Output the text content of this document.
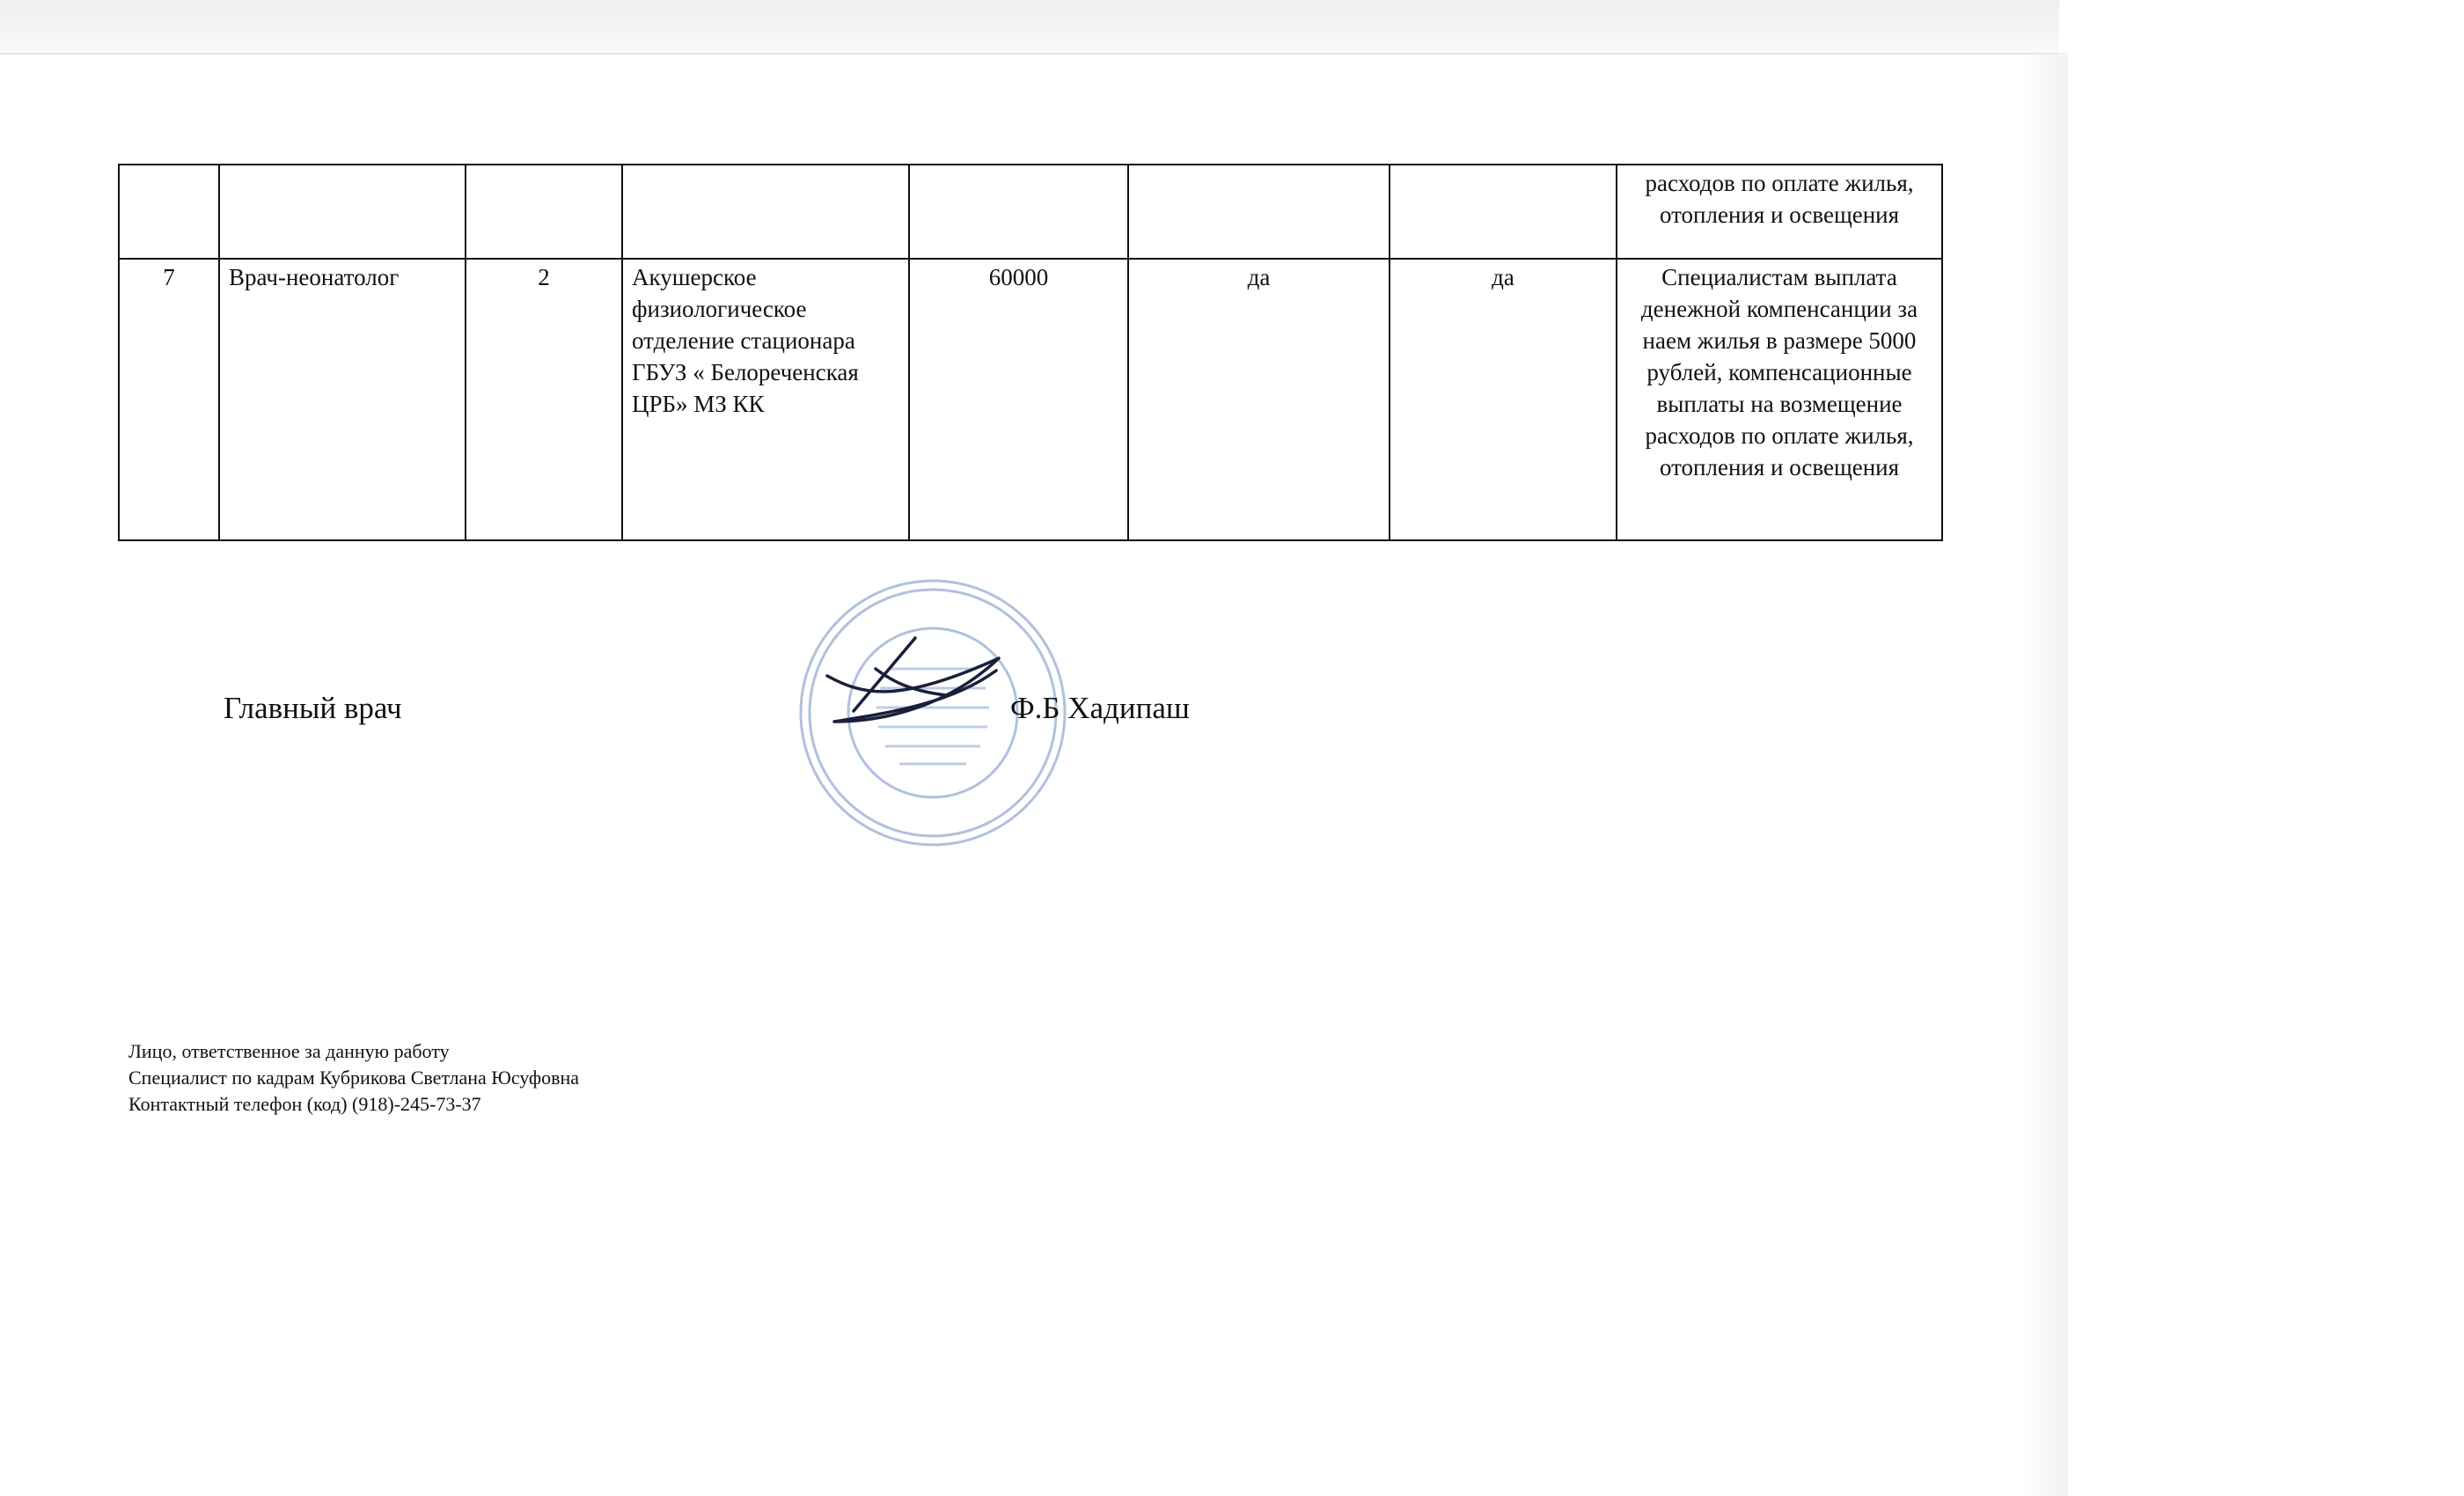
							расходов по оплате жилья, отопления и освещения
7	Врач-неонатолог	2	Акушерское физиологическое отделение стационара ГБУЗ « Белореченская ЦРБ» МЗ КК	60000	да	да	Специалистам выплата денежной компенсанции за наем жилья в размере 5000 рублей, компенсационные выплаты на возмещение расходов по оплате жилья, отопления и освещения
Главный врач	Ф.Б Хадипаш
Лицо, ответственное за данную работу
Специалист по кадрам Кубрикова Светлана Юсуфовна
Контактный телефон (код) (918)-245-73-37
